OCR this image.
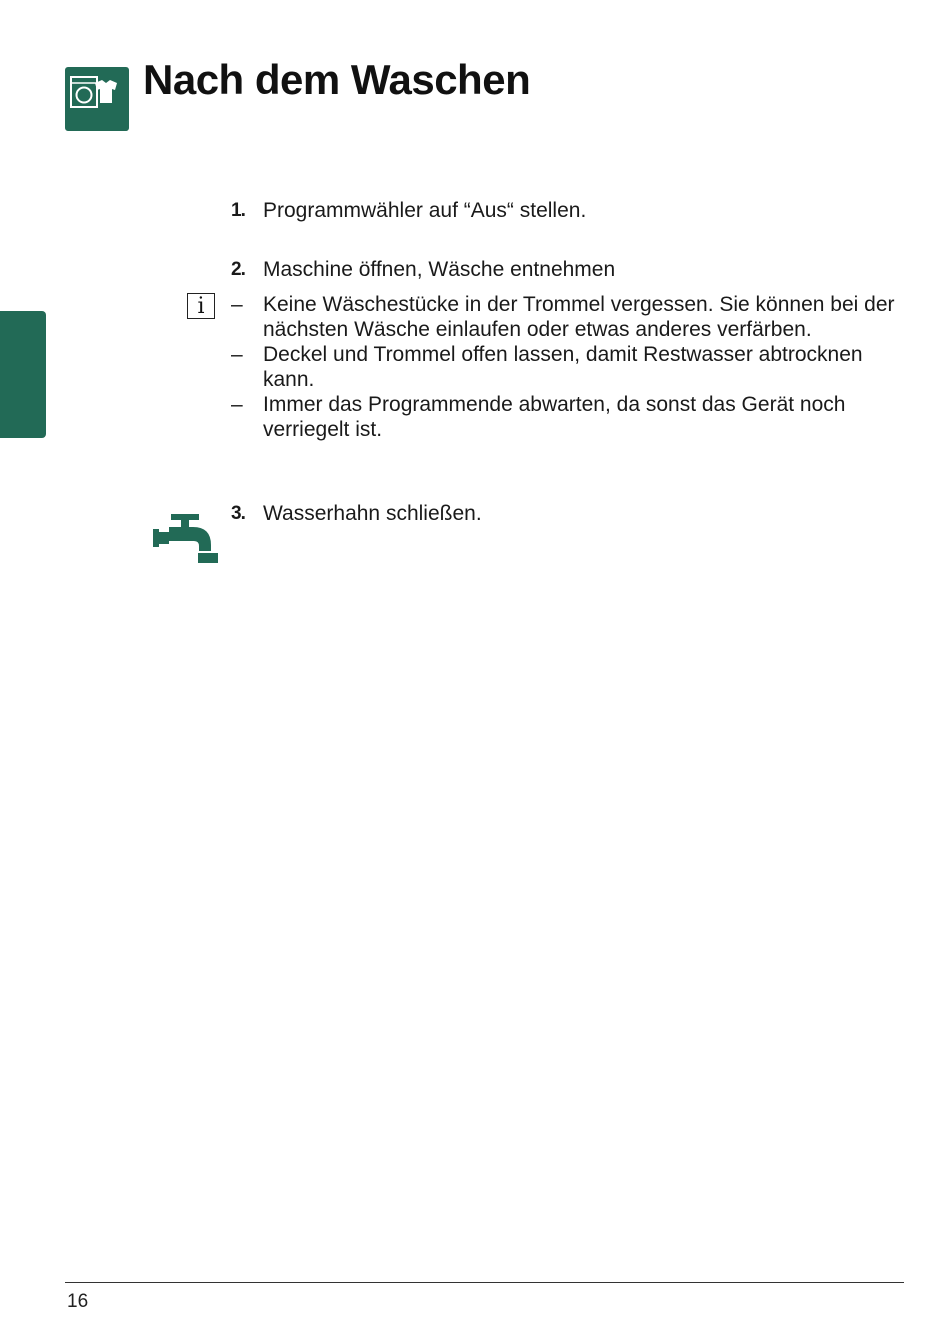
Nach dem Waschen
1. Programmwähler auf “Aus“ stellen.
2. Maschine öffnen, Wäsche entnehmen
i	– Keine Wäschestücke in der Trommel vergessen. Sie können bei der nächsten Wäsche einlaufen oder etwas anderes verfärben.
– Deckel und Trommel offen lassen, damit Restwasser abtrocknen kann.
– Immer das Programmende abwarten, da sonst das Gerät noch verriegelt ist.
3. Wasserhahn schließen.
16
